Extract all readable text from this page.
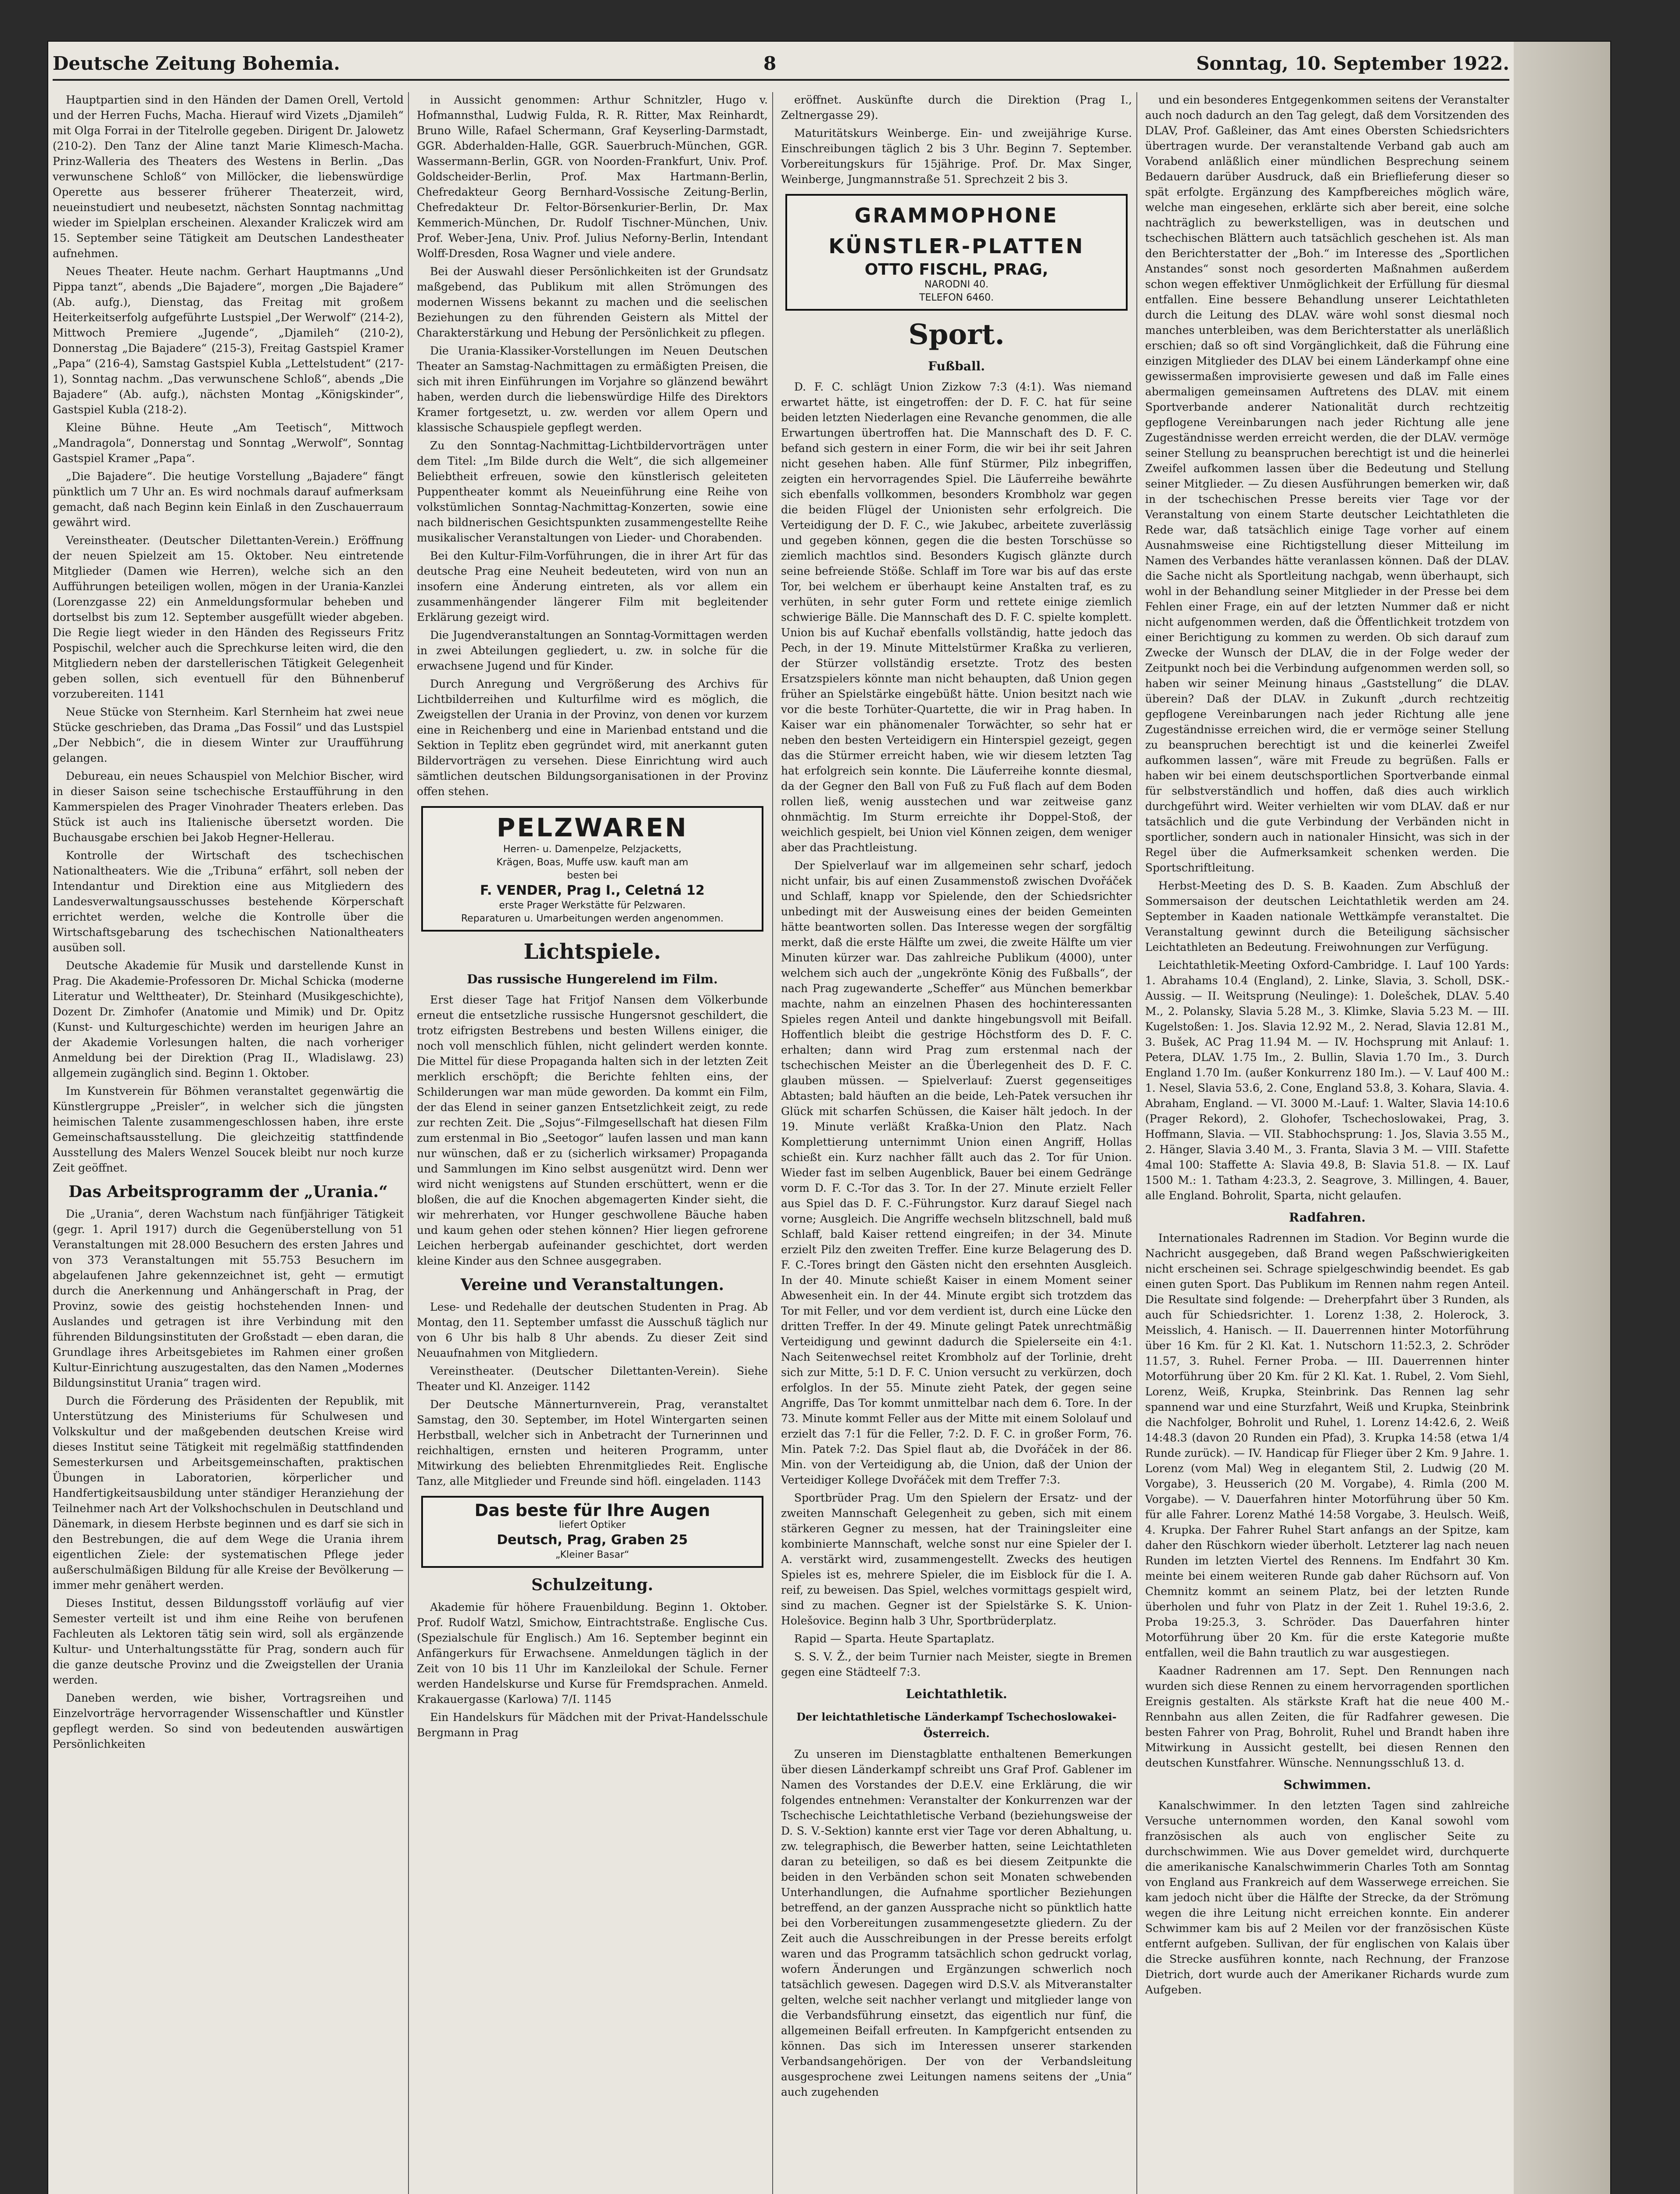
Deutsche Zeitung Bohemia.	8	Sonntag, 10. September 1922.

Hauptpartien sind in den Händen der Damen Orell, Vertold und der Herren Fuchs, Macha. Hierauf wird Vizets „Djamileh“ mit Olga Forrai in der Titelrolle gegeben. Dirigent Dr. Jalowetz (210-2). Den Tanz der Aline tanzt Marie Klimesch-Macha. Prinz-Walleria des Theaters des Westens in Berlin. „Das verwunschene Schloß“ von Millöcker, die liebenswürdige Operette aus besserer früherer Theaterzeit, wird, neueinstudiert und neubesetzt, nächsten Sonntag nachmittag wieder im Spielplan erscheinen. Alexander Kraliczek wird am 15. September seine Tätigkeit am Deutschen Landestheater aufnehmen.

Neues Theater. Heute nachm. Gerhart Hauptmanns „Und Pippa tanzt“, abends „Die Bajadere“, morgen „Die Bajadere“ (Ab. aufg.), Dienstag, das Freitag mit großem Heiterkeitserfolg aufgeführte Lustspiel „Der Werwolf“ (214-2), Mittwoch Premiere „Jugende“, „Djamileh“ (210-2), Donnerstag „Die Bajadere“ (215-3), Freitag Gastspiel Kramer „Papa“ (216-4), Samstag Gastspiel Kubla „Lettelstudent“ (217-1), Sonntag nachm. „Das verwunschene Schloß“, abends „Die Bajadere“ (Ab. aufg.), nächsten Montag „Königskinder“, Gastspiel Kubla (218-2).

Kleine Bühne. Heute „Am Teetisch“, Mittwoch „Mandragola“, Donnerstag und Sonntag „Werwolf“, Sonntag Gastspiel Kramer „Papa“.

„Die Bajadere“. Die heutige Vorstellung „Bajadere“ fängt pünktlich um 7 Uhr an. Es wird nochmals darauf aufmerksam gemacht, daß nach Beginn kein Einlaß in den Zuschauerraum gewährt wird.

Vereinstheater. (Deutscher Dilettanten-Verein.) Eröffnung der neuen Spielzeit am 15. Oktober. Neu eintretende Mitglieder (Damen wie Herren), welche sich an den Aufführungen beteiligen wollen, mögen in der Urania-Kanzlei (Lorenzgasse 22) ein Anmeldungsformular beheben und dortselbst bis zum 12. September ausgefüllt wieder abgeben. Die Regie liegt wieder in den Händen des Regisseurs Fritz Pospischil, welcher auch die Sprechkurse leiten wird, die den Mitgliedern neben der darstellerischen Tätigkeit Gelegenheit geben sollen, sich eventuell für den Bühnenberuf vorzubereiten. 1141

Neue Stücke von Sternheim. Karl Sternheim hat zwei neue Stücke geschrieben, das Drama „Das Fossil“ und das Lustspiel „Der Nebbich“, die in diesem Winter zur Uraufführung gelangen.

Debureau, ein neues Schauspiel von Melchior Bischer, wird in dieser Saison seine tschechische Erstaufführung in den Kammerspielen des Prager Vinohrader Theaters erleben. Das Stück ist auch ins Italienische übersetzt worden. Die Buchausgabe erschien bei Jakob Hegner-Hellerau.

Kontrolle der Wirtschaft des tschechischen Nationaltheaters. Wie die „Tribuna“ erfährt, soll neben der Intendantur und Direktion eine aus Mitgliedern des Landesverwaltungsausschusses bestehende Körperschaft errichtet werden, welche die Kontrolle über die Wirtschaftsgebarung des tschechischen Nationaltheaters ausüben soll.

Deutsche Akademie für Musik und darstellende Kunst in Prag. Die Akademie-Professoren Dr. Michal Schicka (moderne Literatur und Welttheater), Dr. Steinhard (Musikgeschichte), Dozent Dr. Zimhofer (Anatomie und Mimik) und Dr. Opitz (Kunst- und Kulturgeschichte) werden im heurigen Jahre an der Akademie Vorlesungen halten, die nach vorheriger Anmeldung bei der Direktion (Prag II., Wladislawg. 23) allgemein zugänglich sind. Beginn 1. Oktober.

Im Kunstverein für Böhmen veranstaltet gegenwärtig die Künstlergruppe „Preisler“, in welcher sich die jüngsten heimischen Talente zusammengeschlossen haben, ihre erste Gemeinschaftsausstellung. Die gleichzeitig stattfindende Ausstellung des Malers Wenzel Soucek bleibt nur noch kurze Zeit geöffnet.

Das Arbeitsprogramm der „Urania.“

Die „Urania“, deren Wachstum nach fünfjähriger Tätigkeit (gegr. 1. April 1917) durch die Gegenüberstellung von 51 Veranstaltungen mit 28.000 Besuchern des ersten Jahres und von 373 Veranstaltungen mit 55.753 Besuchern im abgelaufenen Jahre gekennzeichnet ist, geht — ermutigt durch die Anerkennung und Anhängerschaft in Prag, der Provinz, sowie des geistig hochstehenden Innen- und Auslandes und getragen ist ihre Verbindung mit den führenden Bildungsinstituten der Großstadt — eben daran, die Grundlage ihres Arbeitsgebietes im Rahmen einer großen Kultur-Einrichtung auszugestalten, das den Namen „Modernes Bildungsinstitut Urania“ tragen wird.

Durch die Förderung des Präsidenten der Republik, mit Unterstützung des Ministeriums für Schulwesen und Volkskultur und der maßgebenden deutschen Kreise wird dieses Institut seine Tätigkeit mit regelmäßig stattfindenden Semesterkursen und Arbeitsgemeinschaften, praktischen Übungen in Laboratorien, körperlicher und Handfertigkeitsausbildung unter ständiger Heranziehung der Teilnehmer nach Art der Volkshochschulen in Deutschland und Dänemark, in diesem Herbste beginnen und es darf sie sich in den Bestrebungen, die auf dem Wege die Urania ihrem eigentlichen Ziele: der systematischen Pflege jeder außerschulmäßigen Bildung für alle Kreise der Bevölkerung — immer mehr genähert werden.

Dieses Institut, dessen Bildungsstoff vorläufig auf vier Semester verteilt ist und ihm eine Reihe von berufenen Fachleuten als Lektoren tätig sein wird, soll als ergänzende Kultur- und Unterhaltungsstätte für Prag, sondern auch für die ganze deutsche Provinz und die Zweigstellen der Urania werden.

Daneben werden, wie bisher, Vortragsreihen und Einzelvorträge hervorragender Wissenschaftler und Künstler gepflegt werden. So sind von bedeutenden auswärtigen Persönlichkeiten

in Aussicht genommen: Arthur Schnitzler, Hugo v. Hofmannsthal, Ludwig Fulda, R. R. Ritter, Max Reinhardt, Bruno Wille, Rafael Schermann, Graf Keyserling-Darmstadt, GGR. Abderhalden-Halle, GGR. Sauerbruch-München, GGR. Wassermann-Berlin, GGR. von Noorden-Frankfurt, Univ. Prof. Goldscheider-Berlin, Prof. Max Hartmann-Berlin, Chefredakteur Georg Bernhard-Vossische Zeitung-Berlin, Chefredakteur Dr. Feltor-Börsenkurier-Berlin, Dr. Max Kemmerich-München, Dr. Rudolf Tischner-München, Univ. Prof. Weber-Jena, Univ. Prof. Julius Neforny-Berlin, Intendant Wolff-Dresden, Rosa Wagner und viele andere.

Bei der Auswahl dieser Persönlichkeiten ist der Grundsatz maßgebend, das Publikum mit allen Strömungen des modernen Wissens bekannt zu machen und die seelischen Beziehungen zu den führenden Geistern als Mittel der Charakterstärkung und Hebung der Persönlichkeit zu pflegen.

Die Urania-Klassiker-Vorstellungen im Neuen Deutschen Theater an Samstag-Nachmittagen zu ermäßigten Preisen, die sich mit ihren Einführungen im Vorjahre so glänzend bewährt haben, werden durch die liebenswürdige Hilfe des Direktors Kramer fortgesetzt, u. zw. werden vor allem Opern und klassische Schauspiele gepflegt werden.

Zu den Sonntag-Nachmittag-Lichtbildervorträgen unter dem Titel: „Im Bilde durch die Welt“, die sich allgemeiner Beliebtheit erfreuen, sowie den künstlerisch geleiteten Puppentheater kommt als Neueinführung eine Reihe von volkstümlichen Sonntag-Nachmittag-Konzerten, sowie eine nach bildnerischen Gesichtspunkten zusammengestellte Reihe musikalischer Veranstaltungen von Lieder- und Chorabenden.

Bei den Kultur-Film-Vorführungen, die in ihrer Art für das deutsche Prag eine Neuheit bedeuteten, wird von nun an insofern eine Änderung eintreten, als vor allem ein zusammenhängender längerer Film mit begleitender Erklärung gezeigt wird.

Die Jugendveranstaltungen an Sonntag-Vormittagen werden in zwei Abteilungen gegliedert, u. zw. in solche für die erwachsene Jugend und für Kinder.

Durch Anregung und Vergrößerung des Archivs für Lichtbilderreihen und Kulturfilme wird es möglich, die Zweigstellen der Urania in der Provinz, von denen vor kurzem eine in Reichenberg und eine in Marienbad entstand und die Sektion in Teplitz eben gegründet wird, mit anerkannt guten Bildervorträgen zu versehen. Diese Einrichtung wird auch sämtlichen deutschen Bildungsorganisationen in der Provinz offen stehen.

PELZWAREN
Herren- u. Damenpelze, Pelzjacketts,
Krägen, Boas, Muffe usw. kauft man am
besten bei
F. VENDER, Prag I., Celetná 12
erste Prager Werkstätte für Pelzwaren.
Reparaturen u. Umarbeitungen werden angenommen.
Lichtspiele.
Das russische Hungerelend im Film.

Erst dieser Tage hat Fritjof Nansen dem Völkerbunde erneut die entsetzliche russische Hungersnot geschildert, die trotz eifrigsten Bestrebens und besten Willens einiger, die noch voll menschlich fühlen, nicht gelindert werden konnte. Die Mittel für diese Propaganda halten sich in der letzten Zeit merklich erschöpft; die Berichte fehlten eins, der Schilderungen war man müde geworden. Da kommt ein Film, der das Elend in seiner ganzen Entsetzlichkeit zeigt, zu rede zur rechten Zeit. Die „Sojus“-Filmgesellschaft hat diesen Film zum erstenmal in Bio „Seetogor“ laufen lassen und man kann nur wünschen, daß er zu (sicherlich wirksamer) Propaganda und Sammlungen im Kino selbst ausgenützt wird. Denn wer wird nicht wenigstens auf Stunden erschüttert, wenn er die bloßen, die auf die Knochen abgemagerten Kinder sieht, die wir mehrerhaten, vor Hunger geschwollene Bäuche haben und kaum gehen oder stehen können? Hier liegen gefrorene Leichen herbergab aufeinander geschichtet, dort werden kleine Kinder aus den Schnee ausgegraben.

Vereine und Veranstaltungen.

Lese- und Redehalle der deutschen Studenten in Prag. Ab Montag, den 11. September umfasst die Ausschuß täglich nur von 6 Uhr bis halb 8 Uhr abends. Zu dieser Zeit sind Neuaufnahmen von Mitgliedern.

Vereinstheater. (Deutscher Dilettanten-Verein). Siehe Theater und Kl. Anzeiger. 1142

Der Deutsche Männerturnverein, Prag, veranstaltet Samstag, den 30. September, im Hotel Wintergarten seinen Herbstball, welcher sich in Anbetracht der Turnerinnen und reichhaltigen, ernsten und heiteren Programm, unter Mitwirkung des beliebten Ehrenmitgliedes Reit. Englische Tanz, alle Mitglieder und Freunde sind höfl. eingeladen. 1143

Das beste für Ihre Augen
liefert Optiker
Deutsch, Prag, Graben 25
„Kleiner Basar“
Schulzeitung.

Akademie für höhere Frauenbildung. Beginn 1. Oktober. Prof. Rudolf Watzl, Smichow, Eintrachtstraße. Englische Cus. (Spezialschule für Englisch.) Am 16. September beginnt ein Anfängerkurs für Erwachsene. Anmeldungen täglich in der Zeit von 10 bis 11 Uhr im Kanzleilokal der Schule. Ferner werden Handelskurse und Kurse für Fremdsprachen. Anmeld. Krakauergasse (Karlowa) 7/I. 1145

Ein Handelskurs für Mädchen mit der Privat-Handelsschule Bergmann in Prag

eröffnet. Auskünfte durch die Direktion (Prag I., Zeltnergasse 29).

Maturitätskurs Weinberge. Ein- und zweijährige Kurse. Einschreibungen täglich 2 bis 3 Uhr. Beginn 7. September. Vorbereitungskurs für 15jährige. Prof. Dr. Max Singer, Weinberge, Jungmannstraße 51. Sprechzeit 2 bis 3.

GRAMMOPHONE
KÜNSTLER-PLATTEN
OTTO FISCHL, PRAG,
NARODNI 40.
TELEFON 6460.
Sport.
Fußball.

D. F. C. schlägt Union Zizkow 7:3 (4:1). Was niemand erwartet hätte, ist eingetroffen: der D. F. C. hat für seine beiden letzten Niederlagen eine Revanche genommen, die alle Erwartungen übertroffen hat. Die Mannschaft des D. F. C. befand sich gestern in einer Form, die wir bei ihr seit Jahren nicht gesehen haben. Alle fünf Stürmer, Pilz inbegriffen, zeigten ein hervorragendes Spiel. Die Läuferreihe bewährte sich ebenfalls vollkommen, besonders Krombholz war gegen die beiden Flügel der Unionisten sehr erfolgreich. Die Verteidigung der D. F. C., wie Jakubec, arbeitete zuverlässig und gegeben können, gegen die die besten Torschüsse so ziemlich machtlos sind. Besonders Kugisch glänzte durch seine befreiende Stöße. Schlaff im Tore war bis auf das erste Tor, bei welchem er überhaupt keine Anstalten traf, es zu verhüten, in sehr guter Form und rettete einige ziemlich schwierige Bälle. Die Mannschaft des D. F. C. spielte komplett. Union bis auf Kuchař ebenfalls vollständig, hatte jedoch das Pech, in der 19. Minute Mittelstürmer Kraßka zu verlieren, der Stürzer vollständig ersetzte. Trotz des besten Ersatzspielers könnte man nicht behaupten, daß Union gegen früher an Spielstärke eingebüßt hätte. Union besitzt nach wie vor die beste Torhüter-Quartette, die wir in Prag haben. In Kaiser war ein phänomenaler Torwächter, so sehr hat er neben den besten Verteidigern ein Hinterspiel gezeigt, gegen das die Stürmer erreicht haben, wie wir diesem letzten Tag hat erfolgreich sein konnte. Die Läuferreihe konnte diesmal, da der Gegner den Ball von Fuß zu Fuß flach auf dem Boden rollen ließ, wenig ausstechen und war zeitweise ganz ohnmächtig. Im Sturm erreichte ihr Doppel-Stoß, der weichlich gespielt, bei Union viel Können zeigen, dem weniger aber das Prachtleistung.

Der Spielverlauf war im allgemeinen sehr scharf, jedoch nicht unfair, bis auf einen Zusammenstoß zwischen Dvořáček und Schlaff, knapp vor Spielende, den der Schiedsrichter unbedingt mit der Ausweisung eines der beiden Gemeinten hätte beantworten sollen. Das Interesse wegen der sorgfältig merkt, daß die erste Hälfte um zwei, die zweite Hälfte um vier Minuten kürzer war. Das zahlreiche Publikum (4000), unter welchem sich auch der „ungekrönte König des Fußballs“, der nach Prag zugewanderte „Scheffer“ aus München bemerkbar machte, nahm an einzelnen Phasen des hochinteressanten Spieles regen Anteil und dankte hingebungsvoll mit Beifall. Hoffentlich bleibt die gestrige Höchstform des D. F. C. erhalten; dann wird Prag zum erstenmal nach der tschechischen Meister an die Überlegenheit des D. F. C. glauben müssen. — Spielverlauf: Zuerst gegenseitiges Abtasten; bald häuften an die beide, Leh-Patek versuchen ihr Glück mit scharfen Schüssen, die Kaiser hält jedoch. In der 19. Minute verläßt Kraßka-Union den Platz. Nach Komplettierung unternimmt Union einen Angriff, Hollas schießt ein. Kurz nachher fällt auch das 2. Tor für Union. Wieder fast im selben Augenblick, Bauer bei einem Gedränge vorm D. F. C.-Tor das 3. Tor. In der 27. Minute erzielt Feller aus Spiel das D. F. C.-Führungstor. Kurz darauf Siegel nach vorne; Ausgleich. Die Angriffe wechseln blitzschnell, bald muß Schlaff, bald Kaiser rettend eingreifen; in der 34. Minute erzielt Pilz den zweiten Treffer. Eine kurze Belagerung des D. F. C.-Tores bringt den Gästen nicht den ersehnten Ausgleich. In der 40. Minute schießt Kaiser in einem Moment seiner Abwesenheit ein. In der 44. Minute ergibt sich trotzdem das Tor mit Feller, und vor dem verdient ist, durch eine Lücke den dritten Treffer. In der 49. Minute gelingt Patek unrechtmäßig Verteidigung und gewinnt dadurch die Spielerseite ein 4:1. Nach Seitenwechsel reitet Krombholz auf der Torlinie, dreht sich zur Mitte, 5:1 D. F. C. Union versucht zu verkürzen, doch erfolglos. In der 55. Minute zieht Patek, der gegen seine Angriffe, Das Tor kommt unmittelbar nach dem 6. Tore. In der 73. Minute kommt Feller aus der Mitte mit einem Sololauf und erzielt das 7:1 für die Feller, 7:2. D. F. C. in großer Form, 76. Min. Patek 7:2. Das Spiel flaut ab, die Dvořáček in der 86. Min. von der Verteidigung ab, die Union, daß der Union der Verteidiger Kollege Dvořáček mit dem Treffer 7:3.

Sportbrüder Prag. Um den Spielern der Ersatz- und der zweiten Mannschaft Gelegenheit zu geben, sich mit einem stärkeren Gegner zu messen, hat der Trainingsleiter eine kombinierte Mannschaft, welche sonst nur eine Spieler der I. A. verstärkt wird, zusammengestellt. Zwecks des heutigen Spieles ist es, mehrere Spieler, die im Eisblock für die I. A. reif, zu beweisen. Das Spiel, welches vormittags gespielt wird, sind zu machen. Gegner ist der Spielstärke S. K. Union-Holešovice. Beginn halb 3 Uhr, Sportbrüderplatz.

Rapid — Sparta. Heute Spartaplatz.

S. S. V. Ž., der beim Turnier nach Meister, siegte in Bremen gegen eine Städteelf 7:3.

Leichtathletik.
Der leichtathletische Länderkampf Tschechoslowakei-Österreich.

Zu unseren im Dienstagblatte enthaltenen Bemerkungen über diesen Länderkampf schreibt uns Graf Prof. Gablener im Namen des Vorstandes der D.E.V. eine Erklärung, die wir folgendes entnehmen: Veranstalter der Konkurrenzen war der Tschechische Leichtathletische Verband (beziehungsweise der D. S. V.-Sektion) kannte erst vier Tage vor deren Abhaltung, u. zw. telegraphisch, die Bewerber hatten, seine Leichtathleten daran zu beteiligen, so daß es bei diesem Zeitpunkte die beiden in den Verbänden schon seit Monaten schwebenden Unterhandlungen, die Aufnahme sportlicher Beziehungen betreffend, an der ganzen Aussprache nicht so pünktlich hatte bei den Vorbereitungen zusammengesetzte gliedern. Zu der Zeit auch die Ausschreibungen in der Presse bereits erfolgt waren und das Programm tatsächlich schon gedruckt vorlag, wofern Änderungen und Ergänzungen schwerlich noch tatsächlich gewesen. Dagegen wird D.S.V. als Mitveranstalter gelten, welche seit nachher verlangt und mitglieder lange von die Verbandsführung einsetzt, das eigentlich nur fünf, die allgemeinen Beifall erfreuten. In Kampfgericht entsenden zu können. Das sich im Interessen unserer starkenden Verbandsangehörigen. Der von der Verbandsleitung ausgesprochene zwei Leitungen namens seitens der „Unia“ auch zugehenden

und ein besonderes Entgegenkommen seitens der Veranstalter auch noch dadurch an den Tag gelegt, daß dem Vorsitzenden des DLAV, Prof. Gaßleiner, das Amt eines Obersten Schiedsrichters übertragen wurde. Der veranstaltende Verband gab auch am Vorabend anläßlich einer mündlichen Besprechung seinem Bedauern darüber Ausdruck, daß ein Brieflieferung dieser so spät erfolgte. Ergänzung des Kampfbereiches möglich wäre, welche man eingesehen, erklärte sich aber bereit, eine solche nachträglich zu bewerkstelligen, was in deutschen und tschechischen Blättern auch tatsächlich geschehen ist. Als man den Berichterstatter der „Boh.“ im Interesse des „Sportlichen Anstandes“ sonst noch gesorderten Maßnahmen außerdem schon wegen effektiver Unmöglichkeit der Erfüllung für diesmal entfallen. Eine bessere Behandlung unserer Leichtathleten durch die Leitung des DLAV. wäre wohl sonst diesmal noch manches unterbleiben, was dem Berichterstatter als unerläßlich erschien; daß so oft sind Vorgänglichkeit, daß die Führung eine einzigen Mitglieder des DLAV bei einem Länderkampf ohne eine gewissermaßen improvisierte gewesen und daß im Falle eines abermaligen gemeinsamen Auftretens des DLAV. mit einem Sportverbande anderer Nationalität durch rechtzeitig gepflogene Vereinbarungen nach jeder Richtung alle jene Zugeständnisse werden erreicht werden, die der DLAV. vermöge seiner Stellung zu beanspruchen berechtigt ist und die heinerlei Zweifel aufkommen lassen über die Bedeutung und Stellung seiner Mitglieder. — Zu diesen Ausführungen bemerken wir, daß in der tschechischen Presse bereits vier Tage vor der Veranstaltung von einem Starte deutscher Leichtathleten die Rede war, daß tatsächlich einige Tage vorher auf einem Ausnahmsweise eine Richtigstellung dieser Mitteilung im Namen des Verbandes hätte veranlassen können. Daß der DLAV. die Sache nicht als Sportleitung nachgab, wenn überhaupt, sich wohl in der Behandlung seiner Mitglieder in der Presse bei dem Fehlen einer Frage, ein auf der letzten Nummer daß er nicht nicht aufgenommen werden, daß die Öffentlichkeit trotzdem von einer Berichtigung zu kommen zu werden. Ob sich darauf zum Zwecke der Wunsch der DLAV, die in der Folge weder der Zeitpunkt noch bei die Verbindung aufgenommen werden soll, so haben wir seiner Meinung hinaus „Gaststellung“ die DLAV. überein? Daß der DLAV. in Zukunft „durch rechtzeitig gepflogene Vereinbarungen nach jeder Richtung alle jene Zugeständnisse erreichen wird, die er vermöge seiner Stellung zu beanspruchen berechtigt ist und die keinerlei Zweifel aufkommen lassen“, wäre mit Freude zu begrüßen. Falls er haben wir bei einem deutschsportlichen Sportverbande einmal für selbstverständlich und hoffen, daß dies auch wirklich durchgeführt wird. Weiter verhielten wir vom DLAV. daß er nur tatsächlich und die gute Verbindung der Verbänden nicht in sportlicher, sondern auch in nationaler Hinsicht, was sich in der Regel über die Aufmerksamkeit schenken werden. Die Sportschriftleitung.

Herbst-Meeting des D. S. B. Kaaden. Zum Abschluß der Sommersaison der deutschen Leichtathletik werden am 24. September in Kaaden nationale Wettkämpfe veranstaltet. Die Veranstaltung gewinnt durch die Beteiligung sächsischer Leichtathleten an Bedeutung. Freiwohnungen zur Verfügung.

Leichtathletik-Meeting Oxford-Cambridge. I. Lauf 100 Yards: 1. Abrahams 10.4 (England), 2. Linke, Slavia, 3. Scholl, DSK.-Aussig. — II. Weitsprung (Neulinge): 1. Dolešchek, DLAV. 5.40 M., 2. Polansky, Slavia 5.28 M., 3. Klimke, Slavia 5.23 M. — III. Kugelstoßen: 1. Jos. Slavia 12.92 M., 2. Nerad, Slavia 12.81 M., 3. Bušek, AC Prag 11.94 M. — IV. Hochsprung mit Anlauf: 1. Petera, DLAV. 1.75 Im., 2. Bullin, Slavia 1.70 Im., 3. Durch England 1.70 Im. (außer Konkurrenz 180 Im.). — V. Lauf 400 M.: 1. Nesel, Slavia 53.6, 2. Cone, England 53.8, 3. Kohara, Slavia. 4. Abraham, England. — VI. 3000 M.-Lauf: 1. Walter, Slavia 14:10.6 (Prager Rekord), 2. Glohofer, Tschechoslowakei, Prag, 3. Hoffmann, Slavia. — VII. Stabhochsprung: 1. Jos, Slavia 3.55 M., 2. Hänger, Slavia 3.40 M., 3. Franta, Slavia 3 M. — VIII. Stafette 4mal 100: Staffette A: Slavia 49.8, B: Slavia 51.8. — IX. Lauf 1500 M.: 1. Tatham 4:23.3, 2. Seagrove, 3. Millingen, 4. Bauer, alle England. Bohrolit, Sparta, nicht gelaufen.

Radfahren.

Internationales Radrennen im Stadion. Vor Beginn wurde die Nachricht ausgegeben, daß Brand wegen Paßschwierigkeiten nicht erscheinen sei. Schrage spielgeschwindig beendet. Es gab einen guten Sport. Das Publikum im Rennen nahm regen Anteil. Die Resultate sind folgende: — Dreherpfahrt über 3 Runden, als auch für Schiedsrichter. 1. Lorenz 1:38, 2. Holerock, 3. Meisslich, 4. Hanisch. — II. Dauerrennen hinter Motorführung über 16 Km. für 2 Kl. Kat. 1. Nutschorn 11:52.3, 2. Schröder 11.57, 3. Ruhel. Ferner Proba. — III. Dauerrennen hinter Motorführung über 20 Km. für 2 Kl. Kat. 1. Rubel, 2. Vom Siehl, Lorenz, Weiß, Krupka, Steinbrink. Das Rennen lag sehr spannend war und eine Sturzfahrt, Weiß und Krupka, Steinbrink die Nachfolger, Bohrolit und Ruhel, 1. Lorenz 14:42.6, 2. Weiß 14:48.3 (davon 20 Runden ein Pfad), 3. Krupka 14:58 (etwa 1/4 Runde zurück). — IV. Handicap für Flieger über 2 Km. 9 Jahre. 1. Lorenz (vom Mal) Weg in elegantem Stil, 2. Ludwig (20 M. Vorgabe), 3. Heusserich (20 M. Vorgabe), 4. Rimla (200 M. Vorgabe). — V. Dauerfahren hinter Motorführung über 50 Km. für alle Fahrer. Lorenz Mathé 14:58 Vorgabe, 3. Heulsch. Weiß, 4. Krupka. Der Fahrer Ruhel Start anfangs an der Spitze, kam daher den Rüschkorn wieder überholt. Letzterer lag nach neuen Runden im letzten Viertel des Rennens. Im Endfahrt 30 Km. meinte bei einem weiteren Runde gab daher Rüchsorn auf. Von Chemnitz kommt an seinem Platz, bei der letzten Runde überholen und fuhr von Platz in der Zeit 1. Ruhel 19:3.6, 2. Proba 19:25.3, 3. Schröder. Das Dauerfahren hinter Motorführung über 20 Km. für die erste Kategorie mußte entfallen, weil die Bahn trautlich zu war ausgestiegen.

Kaadner Radrennen am 17. Sept. Den Rennungen nach wurden sich diese Rennen zu einem hervorragenden sportlichen Ereignis gestalten. Als stärkste Kraft hat die neue 400 M.-Rennbahn aus allen Zeiten, die für Radfahrer gewesen. Die besten Fahrer von Prag, Bohrolit, Ruhel und Brandt haben ihre Mitwirkung in Aussicht gestellt, bei diesen Rennen den deutschen Kunstfahrer. Wünsche. Nennungsschluß 13. d.

Schwimmen.

Kanalschwimmer. In den letzten Tagen sind zahlreiche Versuche unternommen worden, den Kanal sowohl vom französischen als auch von englischer Seite zu durchschwimmen. Wie aus Dover gemeldet wird, durchquerte die amerikanische Kanalschwimmerin Charles Toth am Sonntag von England aus Frankreich auf dem Wasserwege erreichen. Sie kam jedoch nicht über die Hälfte der Strecke, da der Strömung wegen die ihre Leitung nicht erreichen konnte. Ein anderer Schwimmer kam bis auf 2 Meilen vor der französischen Küste entfernt aufgeben. Sullivan, der für englischen von Kalais über die Strecke ausführen konnte, nach Rechnung, der Franzose Dietrich, dort wurde auch der Amerikaner Richards wurde zum Aufgeben.
